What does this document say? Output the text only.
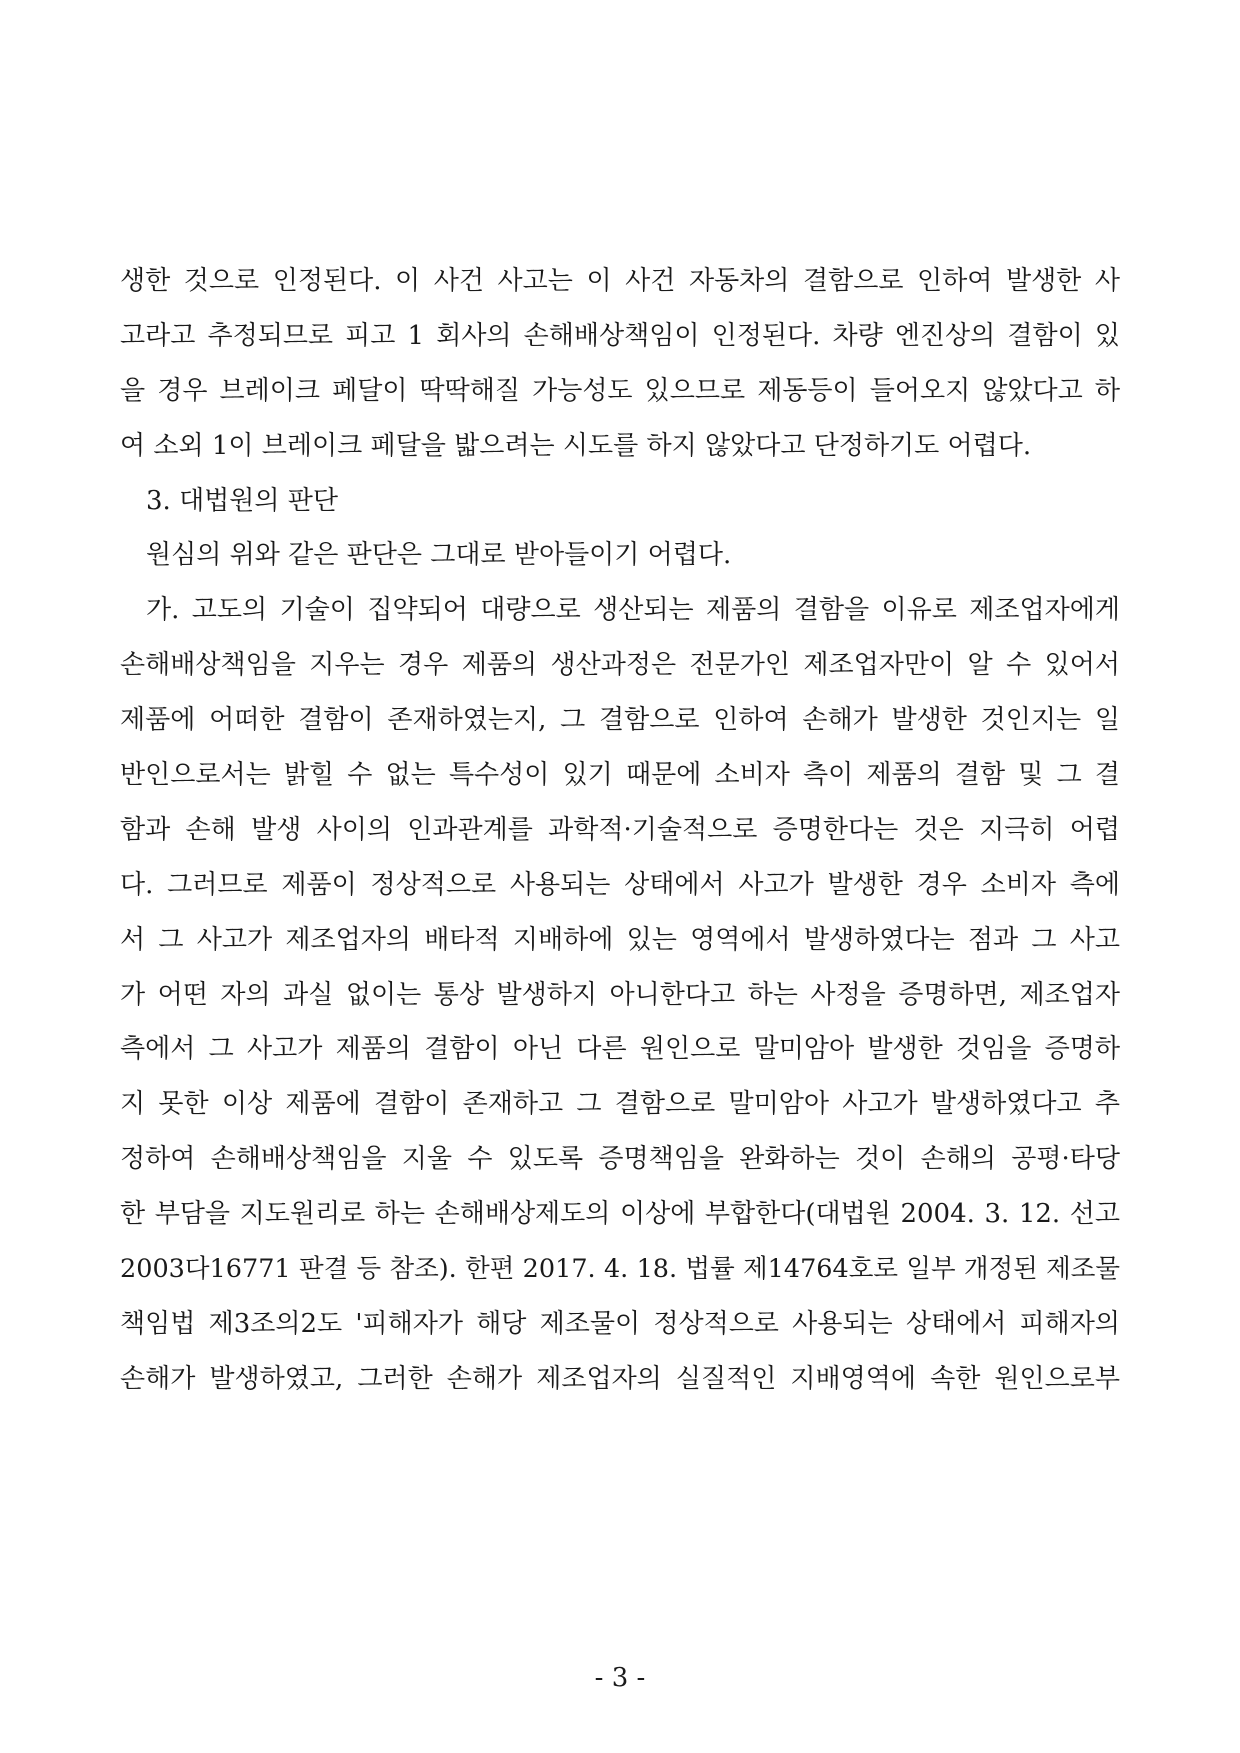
생한 것으로 인정된다. 이 사건 사고는 이 사건 자동차의 결함으로 인하여 발생한 사
고라고 추정되므로 피고 1 회사의 손해배상책임이 인정된다. 차량 엔진상의 결함이 있
을 경우 브레이크 페달이 딱딱해질 가능성도 있으므로 제동등이 들어오지 않았다고 하
여 소외 1이 브레이크 페달을 밟으려는 시도를 하지 않았다고 단정하기도 어렵다.
3. 대법원의 판단
원심의 위와 같은 판단은 그대로 받아들이기 어렵다.
가. 고도의 기술이 집약되어 대량으로 생산되는 제품의 결함을 이유로 제조업자에게
손해배상책임을 지우는 경우 제품의 생산과정은 전문가인 제조업자만이 알 수 있어서
제품에 어떠한 결함이 존재하였는지, 그 결함으로 인하여 손해가 발생한 것인지는 일
반인으로서는 밝힐 수 없는 특수성이 있기 때문에 소비자 측이 제품의 결함 및 그 결
함과 손해 발생 사이의 인과관계를 과학적·기술적으로 증명한다는 것은 지극히 어렵
다. 그러므로 제품이 정상적으로 사용되는 상태에서 사고가 발생한 경우 소비자 측에
서 그 사고가 제조업자의 배타적 지배하에 있는 영역에서 발생하였다는 점과 그 사고
가 어떤 자의 과실 없이는 통상 발생하지 아니한다고 하는 사정을 증명하면, 제조업자
측에서 그 사고가 제품의 결함이 아닌 다른 원인으로 말미암아 발생한 것임을 증명하
지 못한 이상 제품에 결함이 존재하고 그 결함으로 말미암아 사고가 발생하였다고 추
정하여 손해배상책임을 지울 수 있도록 증명책임을 완화하는 것이 손해의 공평·타당
한 부담을 지도원리로 하는 손해배상제도의 이상에 부합한다(대법원 2004. 3. 12. 선고
2003다16771 판결 등 참조). 한편 2017. 4. 18. 법률 제14764호로 일부 개정된 제조물
책임법 제3조의2도 '피해자가 해당 제조물이 정상적으로 사용되는 상태에서 피해자의
손해가 발생하였고, 그러한 손해가 제조업자의 실질적인 지배영역에 속한 원인으로부
- 3 -
